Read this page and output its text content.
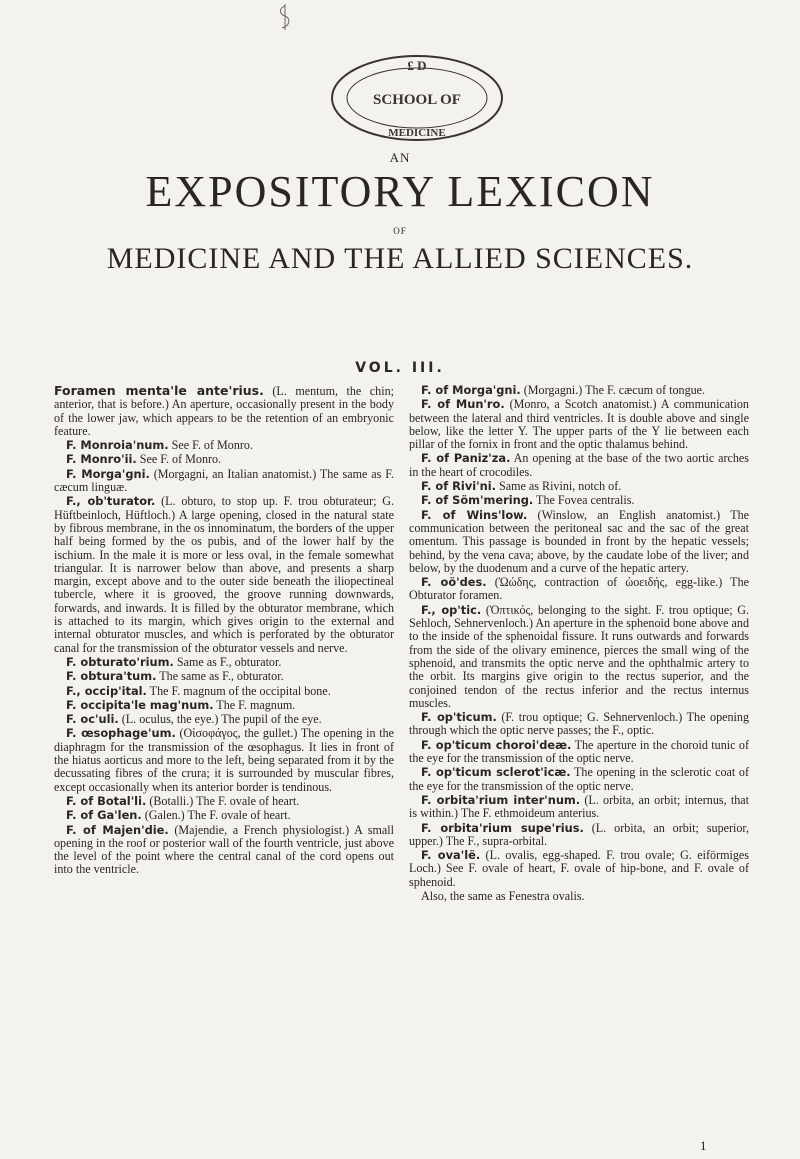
£ D
SCHOOL OF
MEDICINE
AN
EXPOSITORY LEXICON
OF
MEDICINE AND THE ALLIED SCIENCES.
VOL. III.

Foramen menta'le ante'rius. (L. mentum, the chin; anterior, that is before.) An aperture, occasionally present in the body of the lower jaw, which appears to be the retention of an embryonic feature.

F. Monroia'num. See F. of Monro.

F. Monro'ii. See F. of Monro.

F. Morga'gni. (Morgagni, an Italian anatomist.) The same as F. cæcum linguæ.

F., ob'turator. (L. obturo, to stop up. F. trou obturateur; G. Hüftbeinloch, Hüftloch.) A large opening, closed in the natural state by fibrous membrane, in the os innominatum, the borders of the upper half being formed by the os pubis, and of the lower half by the ischium. In the male it is more or less oval, in the female somewhat triangular. It is narrower below than above, and presents a sharp margin, except above and to the outer side beneath the iliopectineal tubercle, where it is grooved, the groove running downwards, forwards, and inwards. It is filled by the obturator membrane, which is attached to its margin, which gives origin to the external and internal obturator muscles, and which is perforated by the obturator canal for the transmission of the obturator vessels and nerve.

F. obturato'rium. Same as F., obturator.

F. obtura'tum. The same as F., obturator.

F., occip'ital. The F. magnum of the occipital bone.

F. occipita'le mag'num. The F. magnum.

F. oc'uli. (L. oculus, the eye.) The pupil of the eye.

F. œsophage'um. (Οἰσοφάγος, the gullet.) The opening in the diaphragm for the transmission of the œsophagus. It lies in front of the hiatus aorticus and more to the left, being separated from it by the decussating fibres of the crura; it is surrounded by muscular fibres, except occasionally when its anterior border is tendinous.

F. of Botal'li. (Botalli.) The F. ovale of heart.

F. of Ga'len. (Galen.) The F. ovale of heart.

F. of Majen'die. (Majendie, a French physiologist.) A small opening in the roof or posterior wall of the fourth ventricle, just above the level of the point where the central canal of the cord opens out into the ventricle.

F. of Morga'gni. (Morgagni.) The F. cæcum of tongue.

F. of Mun'ro. (Monro, a Scotch anatomist.) A communication between the lateral and third ventricles. It is double above and single below, like the letter Y. The upper parts of the Y lie between each pillar of the fornix in front and the optic thalamus behind.

F. of Paniz'za. An opening at the base of the two aortic arches in the heart of crocodiles.

F. of Rivi'ni. Same as Rivini, notch of.

F. of Söm'mering. The Fovea centralis.

F. of Wins'low. (Winslow, an English anatomist.) The communication between the peritoneal sac and the sac of the great omentum. This passage is bounded in front by the hepatic vessels; behind, by the vena cava; above, by the caudate lobe of the liver; and below, by the duodenum and a curve of the hepatic artery.

F. oö'des. (Ὠώδης, contraction of ὠοειδής, egg-like.) The Obturator foramen.

F., op'tic. (Ὀπτικός, belonging to the sight. F. trou optique; G. Sehloch, Sehnervenloch.) An aperture in the sphenoid bone above and to the inside of the sphenoidal fissure. It runs outwards and forwards from the side of the olivary eminence, pierces the small wing of the sphenoid, and transmits the optic nerve and the ophthalmic artery to the orbit. Its margins give origin to the rectus superior, and the conjoined tendon of the rectus inferior and the rectus internus muscles.

F. op'ticum. (F. trou optique; G. Sehnervenloch.) The opening through which the optic nerve passes; the F., optic.

F. op'ticum choroi'deæ. The aperture in the choroid tunic of the eye for the transmission of the optic nerve.

F. op'ticum sclerot'icæ. The opening in the sclerotic coat of the eye for the transmission of the optic nerve.

F. orbita'rium inter'num. (L. orbita, an orbit; internus, that is within.) The F. ethmoideum anterius.

F. orbita'rium supe'rius. (L. orbita, an orbit; superior, upper.) The F., supra-orbital.

F. ova'lë. (L. ovalis, egg-shaped. F. trou ovale; G. eiförmiges Loch.) See F. ovale of heart, F. ovale of hip-bone, and F. ovale of sphenoid.

Also, the same as Fenestra ovalis.

1
